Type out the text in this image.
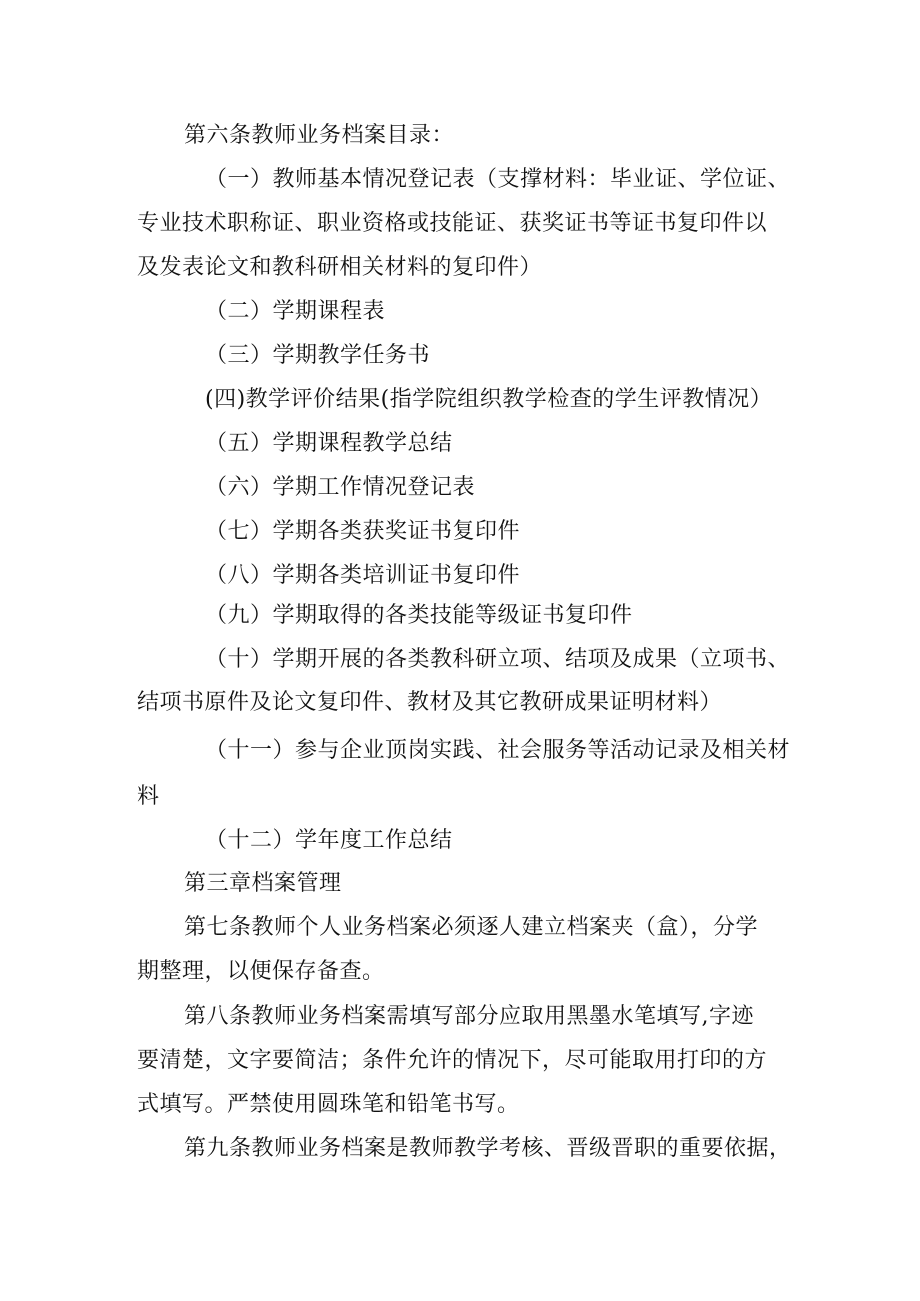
第六条教师业务档案目录：
（一）教师基本情况登记表（支撑材料：毕业证、学位证、
专业技术职称证、职业资格或技能证、获奖证书等证书复印件以
及发表论文和教科研相关材料的复印件）
（二）学期课程表
（三）学期教学任务书
(四)教学评价结果(指学院组织教学检查的学生评教情况）
（五）学期课程教学总结
（六）学期工作情况登记表
（七）学期各类获奖证书复印件
（八）学期各类培训证书复印件
（九）学期取得的各类技能等级证书复印件
（十）学期开展的各类教科研立项、结项及成果（立项书、
结项书原件及论文复印件、教材及其它教研成果证明材料）
（十一）参与企业顶岗实践、社会服务等活动记录及相关材
料
（十二）学年度工作总结
第三章档案管理
第七条教师个人业务档案必须逐人建立档案夹（盒），分学
期整理，以便保存备查。
第八条教师业务档案需填写部分应取用黑墨水笔填写,字迹
要清楚，文字要简洁；条件允许的情况下，尽可能取用打印的方
式填写。严禁使用圆珠笔和铅笔书写。
第九条教师业务档案是教师教学考核、晋级晋职的重要依据，
